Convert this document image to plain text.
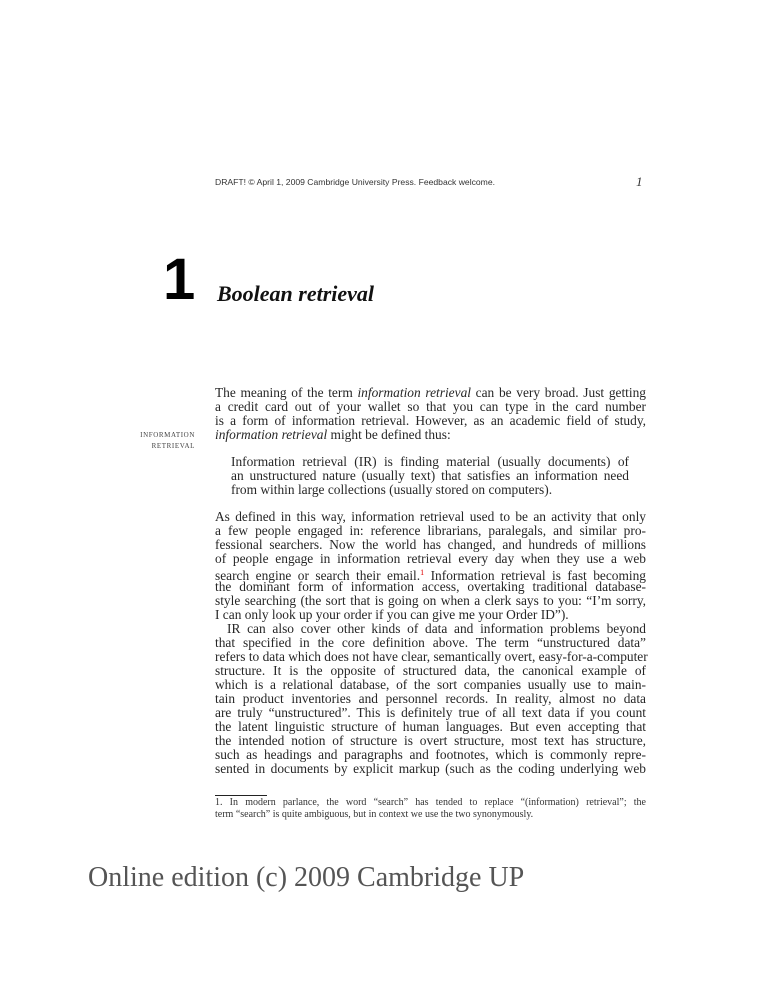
DRAFT! © April 1, 2009 Cambridge University Press. Feedback welcome.	1
1 Boolean retrieval
information
retrieval
The meaning of the term information retrieval can be very broad. Just getting
a credit card out of your wallet so that you can type in the card number
is a form of information retrieval. However, as an academic field of study,
information retrieval might be defined thus:
Information retrieval (IR) is finding material (usually documents) of
an unstructured nature (usually text) that satisfies an information need
from within large collections (usually stored on computers).
As defined in this way, information retrieval used to be an activity that only
a few people engaged in: reference librarians, paralegals, and similar pro-
fessional searchers. Now the world has changed, and hundreds of millions
of people engage in information retrieval every day when they use a web
search engine or search their email.$^1$ Information retrieval is fast becoming
the dominant form of information access, overtaking traditional database-
style searching (the sort that is going on when a clerk says to you: “I’m sorry,
I can only look up your order if you can give me your Order ID”).
IR can also cover other kinds of data and information problems beyond
that specified in the core definition above. The term “unstructured data”
refers to data which does not have clear, semantically overt, easy-for-a-computer
structure. It is the opposite of structured data, the canonical example of
which is a relational database, of the sort companies usually use to main-
tain product inventories and personnel records. In reality, almost no data
are truly “unstructured”. This is definitely true of all text data if you count
the latent linguistic structure of human languages. But even accepting that
the intended notion of structure is overt structure, most text has structure,
such as headings and paragraphs and footnotes, which is commonly repre-
sented in documents by explicit markup (such as the coding underlying web
1. In modern parlance, the word “search” has tended to replace “(information) retrieval”; the
term “search” is quite ambiguous, but in context we use the two synonymously.
Online edition (c) 2009 Cambridge UP
